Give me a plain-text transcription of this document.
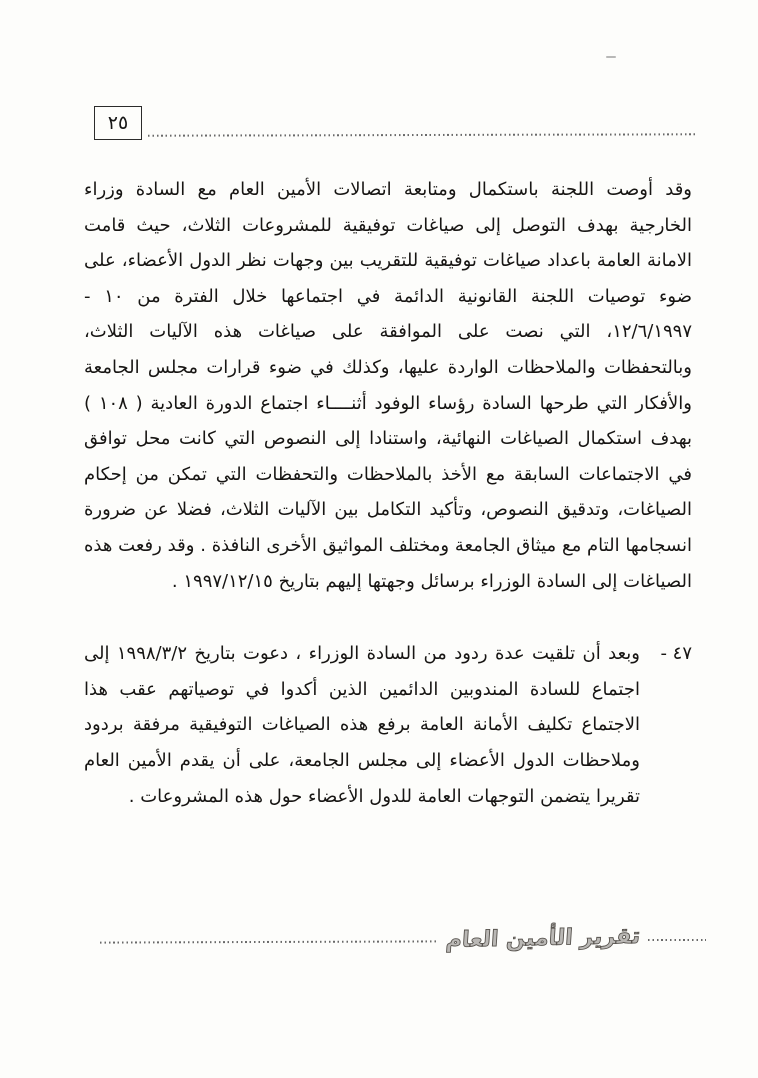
٢٥

وقد أوصت اللجنة باستكمال ومتابعة اتصالات الأمين العام مع السادة وزراء الخارجية بهدف التوصل إلى صياغات توفيقية للمشروعات الثلاث، حيث قامت الامانة العامة باعداد صياغات توفيقية للتقريب بين وجهات نظر الدول الأعضاء، على ضوء توصيات اللجنة القانونية الدائمة في اجتماعها خلال الفترة من ١٠ - ١٢/٦/١٩٩٧، التي نصت على الموافقة على صياغات هذه الآليات الثلاث، وبالتحفظات والملاحظات الواردة عليها، وكذلك في ضوء قرارات مجلس الجامعة والأفكار التي طرحها السادة رؤساء الوفود أثنــــاء اجتماع الدورة العادية ( ١٠٨ ) بهدف استكمال الصياغات النهائية، واستنادا إلى النصوص التي كانت محل توافق في الاجتماعات السابقة مع الأخذ بالملاحظات والتحفظات التي تمكن من إحكام الصياغات، وتدقيق النصوص، وتأكيد التكامل بين الآليات الثلاث، فضلا عن ضرورة انسجامها التام مع ميثاق الجامعة ومختلف المواثيق الأخرى النافذة . وقد رفعت هذه الصياغات إلى السادة الوزراء برسائل وجهتها إليهم بتاريخ ١٩٩٧/١٢/١٥ .

٤٧ -

وبعد أن تلقيت عدة ردود من السادة الوزراء ، دعوت بتاريخ ١٩٩٨/٣/٢ إلى اجتماع للسادة المندوبين الدائمين الذين أكدوا في توصياتهم عقب هذا الاجتماع تكليف الأمانة العامة برفع هذه الصياغات التوفيقية مرفقة بردود وملاحظات الدول الأعضاء إلى مجلس الجامعة، على أن يقدم الأمين العام تقريرا يتضمن التوجهات العامة للدول الأعضاء حول هذه المشروعات .

تقرير الأمين العام
